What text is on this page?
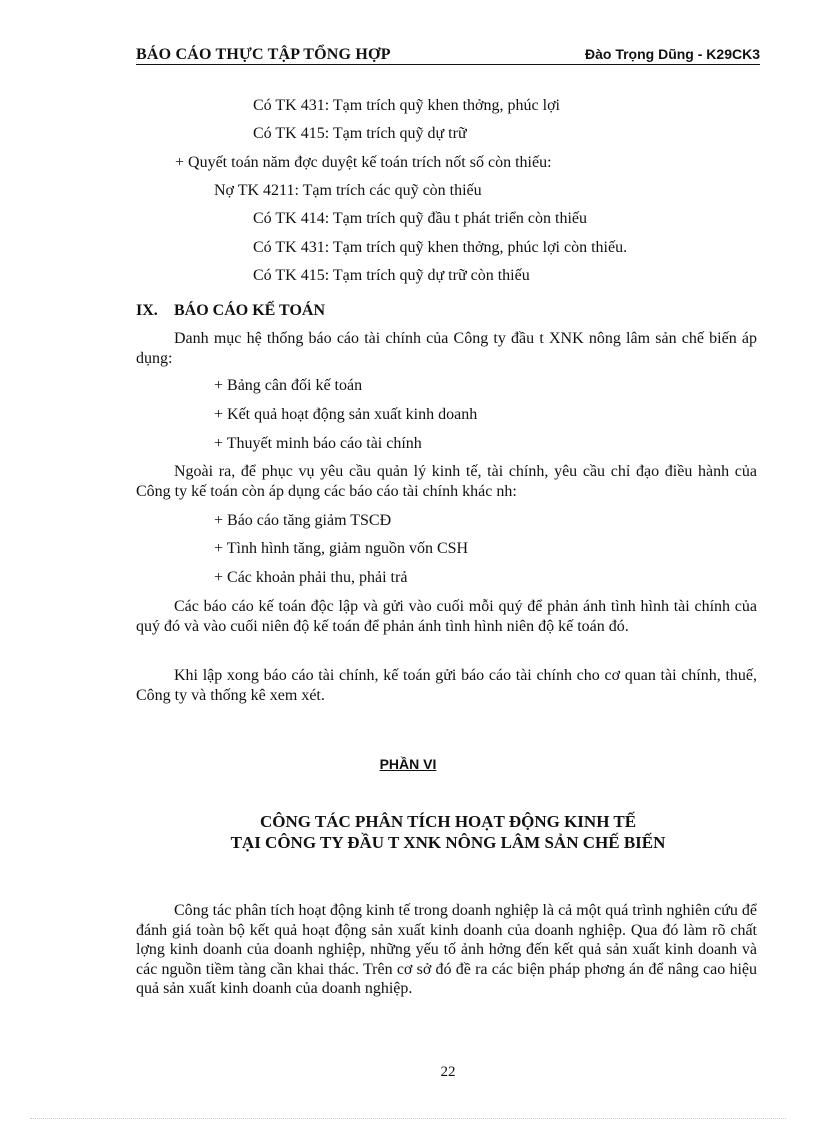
BÁO CÁO THỰC TẬP TỔNG HỢP	Đào Trọng Dũng - K29CK3
Có TK 431: Tạm trích quỹ khen thởng, phúc lợi
Có TK 415: Tạm trích quỹ dự trữ
+ Quyết toán năm đợc duyệt kế toán trích nốt số còn thiếu:
Nợ TK 4211: Tạm trích các quỹ còn thiếu
Có TK 414: Tạm trích quỹ đầu t phát triển còn thiếu
Có TK 431: Tạm trích quỹ khen thởng, phúc lợi còn thiếu.
Có TK 415: Tạm trích quỹ dự trữ còn thiếu
IX. BÁO CÁO KẾ TOÁN
Danh mục hệ thống báo cáo tài chính của Công ty đầu t XNK nông lâm sản chế biến áp dụng:
+ Bảng cân đối kế toán
+ Kết quả hoạt động sản xuất kinh doanh
+ Thuyết minh báo cáo tài chính
Ngoài ra, để phục vụ yêu cầu quản lý kinh tế, tài chính, yêu cầu chỉ đạo điều hành của Công ty kế toán còn áp dụng các báo cáo tài chính khác nh:
+ Báo cáo tăng giảm TSCĐ
+ Tình hình tăng, giảm nguồn vốn CSH
+ Các khoản phải thu, phải trả
Các báo cáo kế toán độc lập và gửi vào cuối mỗi quý để phản ánh tình hình tài chính của quý đó và vào cuối niên độ kế toán để phản ánh tình hình niên độ kế toán đó.
Khi lập xong báo cáo tài chính, kế toán gửi báo cáo tài chính cho cơ quan tài chính, thuế, Công ty và thống kê xem xét.
PHẦN VI
CÔNG TÁC PHÂN TÍCH HOẠT ĐỘNG KINH TẾ
TẠI CÔNG TY ĐẦU T XNK NÔNG LÂM SẢN CHẾ BIẾN
Công tác phân tích hoạt động kinh tế trong doanh nghiệp là cả một quá trình nghiên cứu để đánh giá toàn bộ kết quả hoạt động sản xuất kinh doanh của doanh nghiệp. Qua đó làm rõ chất lợng kinh doanh của doanh nghiệp, những yếu tố ảnh hởng đến kết quả sản xuất kinh doanh và các nguồn tiềm tàng cần khai thác. Trên cơ sở đó đề ra các biện pháp phơng án để nâng cao hiệu quả sản xuất kinh doanh của doanh nghiệp.
22
